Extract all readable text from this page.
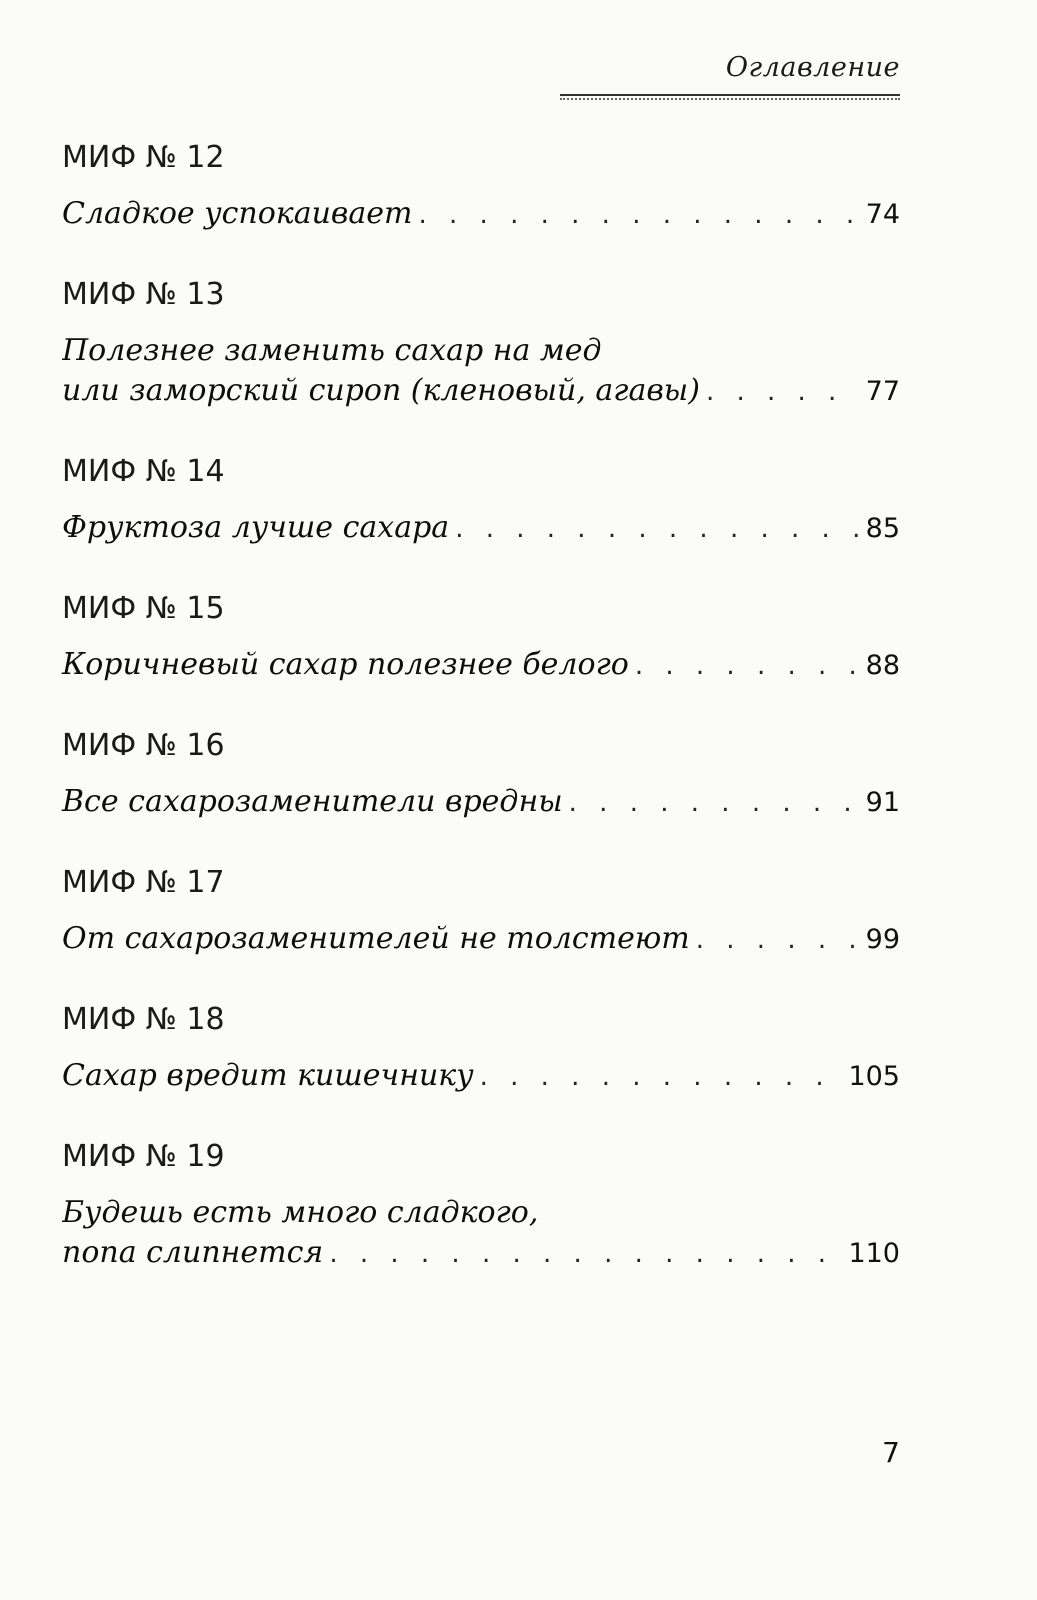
Оглавление
МИФ № 12
Сладкое успокаивает . . .	74
МИФ № 13
Полезнее заменить сахар на мед
или заморский сироп (кленовый, агавы) . . .	77
МИФ № 14
Фруктоза лучше сахара . . .	85
МИФ № 15
Коричневый сахар полезнее белого . . .	88
МИФ № 16
Все сахарозаменители вредны . . .	91
МИФ № 17
От сахарозаменителей не толстеют . . .	99
МИФ № 18
Сахар вредит кишечнику . . .	105
МИФ № 19
Будешь есть много сладкого,
попа слипнется . . .	110
7
